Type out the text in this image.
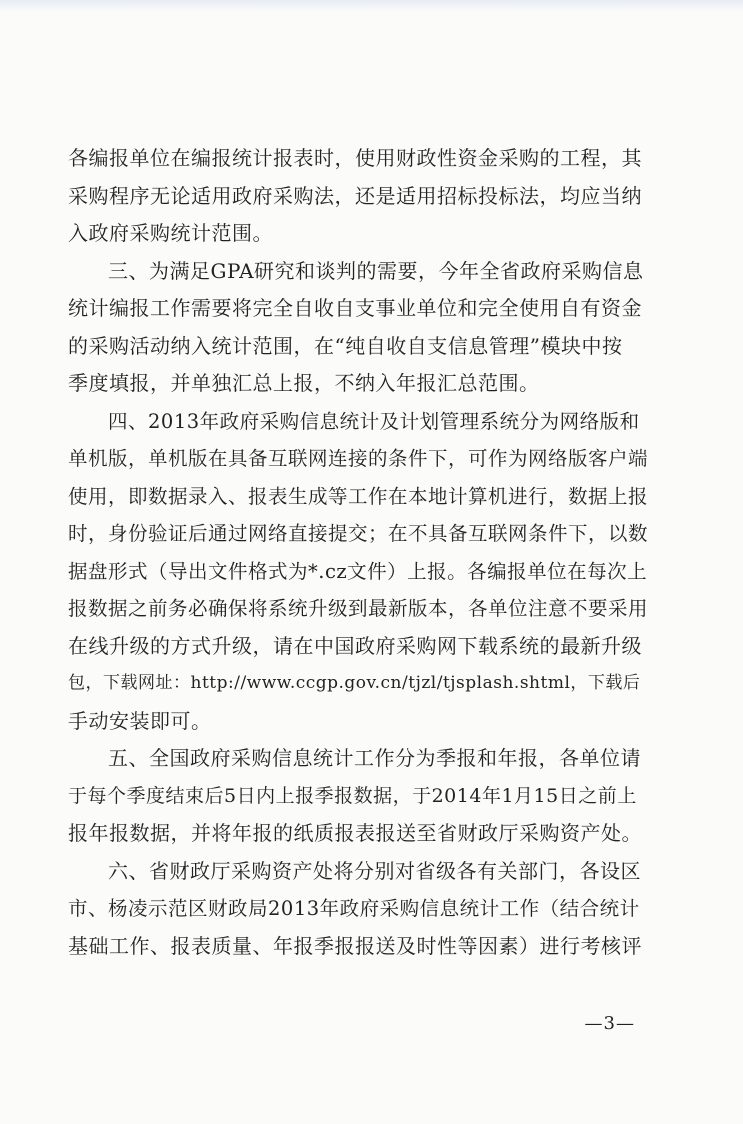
各编报单位在编报统计报表时，使用财政性资金采购的工程，其
采购程序无论适用政府采购法，还是适用招标投标法，均应当纳
入政府采购统计范围。
三、为满足GPA研究和谈判的需要，今年全省政府采购信息
统计编报工作需要将完全自收自支事业单位和完全使用自有资金
的采购活动纳入统计范围，在“纯自收自支信息管理”模块中按
季度填报，并单独汇总上报，不纳入年报汇总范围。
四、2013年政府采购信息统计及计划管理系统分为网络版和
单机版，单机版在具备互联网连接的条件下，可作为网络版客户端
使用，即数据录入、报表生成等工作在本地计算机进行，数据上报
时，身份验证后通过网络直接提交；在不具备互联网条件下，以数
据盘形式（导出文件格式为*.cz文件）上报。各编报单位在每次上
报数据之前务必确保将系统升级到最新版本，各单位注意不要采用
在线升级的方式升级，请在中国政府采购网下载系统的最新升级
包，下载网址：http://www.ccgp.gov.cn/tjzl/tjsplash.shtml，下载后
手动安装即可。
五、全国政府采购信息统计工作分为季报和年报，各单位请
于每个季度结束后5日内上报季报数据，于2014年1月15日之前上
报年报数据，并将年报的纸质报表报送至省财政厅采购资产处。
六、省财政厅采购资产处将分别对省级各有关部门，各设区
市、杨凌示范区财政局2013年政府采购信息统计工作（结合统计
基础工作、报表质量、年报季报报送及时性等因素）进行考核评
—3—
